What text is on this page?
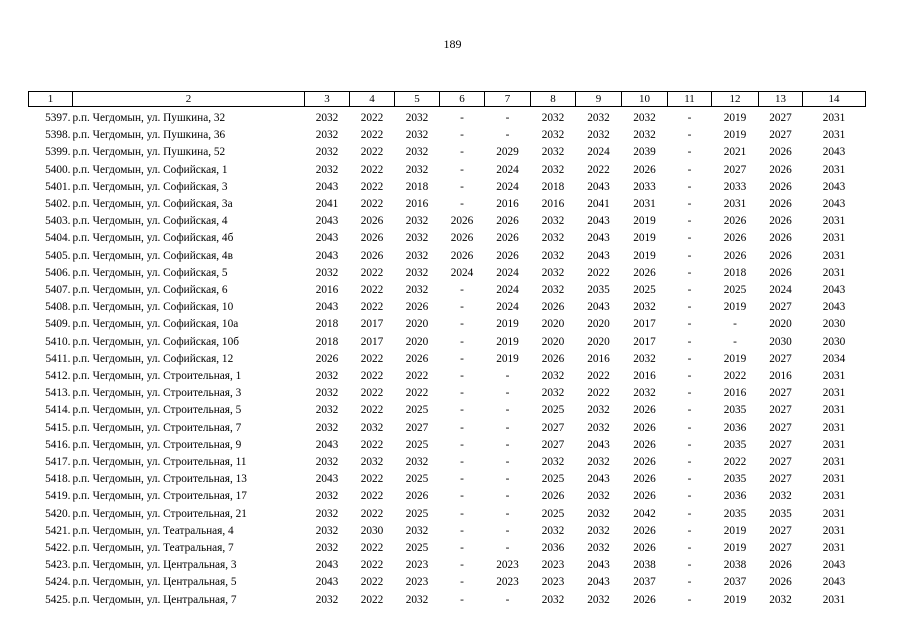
189
1	2	3	4	5	6	7	8	9	10	11	12	13	14
5397.	р.п. Чегдомын, ул. Пушкина, 32	2032	2022	2032	-	-	2032	2032	2032	-	2019	2027	2031
5398.	р.п. Чегдомын, ул. Пушкина, 36	2032	2022	2032	-	-	2032	2032	2032	-	2019	2027	2031
5399.	р.п. Чегдомын, ул. Пушкина, 52	2032	2022	2032	-	2029	2032	2024	2039	-	2021	2026	2043
5400.	р.п. Чегдомын, ул. Софийская, 1	2032	2022	2032	-	2024	2032	2022	2026	-	2027	2026	2031
5401.	р.п. Чегдомын, ул. Софийская, 3	2043	2022	2018	-	2024	2018	2043	2033	-	2033	2026	2043
5402.	р.п. Чегдомын, ул. Софийская, 3а	2041	2022	2016	-	2016	2016	2041	2031	-	2031	2026	2043
5403.	р.п. Чегдомын, ул. Софийская, 4	2043	2026	2032	2026	2026	2032	2043	2019	-	2026	2026	2031
5404.	р.п. Чегдомын, ул. Софийская, 4б	2043	2026	2032	2026	2026	2032	2043	2019	-	2026	2026	2031
5405.	р.п. Чегдомын, ул. Софийская, 4в	2043	2026	2032	2026	2026	2032	2043	2019	-	2026	2026	2031
5406.	р.п. Чегдомын, ул. Софийская, 5	2032	2022	2032	2024	2024	2032	2022	2026	-	2018	2026	2031
5407.	р.п. Чегдомын, ул. Софийская, 6	2016	2022	2032	-	2024	2032	2035	2025	-	2025	2024	2043
5408.	р.п. Чегдомын, ул. Софийская, 10	2043	2022	2026	-	2024	2026	2043	2032	-	2019	2027	2043
5409.	р.п. Чегдомын, ул. Софийская, 10а	2018	2017	2020	-	2019	2020	2020	2017	-	-	2020	2030
5410.	р.п. Чегдомын, ул. Софийская, 10б	2018	2017	2020	-	2019	2020	2020	2017	-	-	2030	2030
5411.	р.п. Чегдомын, ул. Софийская, 12	2026	2022	2026	-	2019	2026	2016	2032	-	2019	2027	2034
5412.	р.п. Чегдомын, ул. Строительная, 1	2032	2022	2022	-	-	2032	2022	2016	-	2022	2016	2031
5413.	р.п. Чегдомын, ул. Строительная, 3	2032	2022	2022	-	-	2032	2022	2032	-	2016	2027	2031
5414.	р.п. Чегдомын, ул. Строительная, 5	2032	2022	2025	-	-	2025	2032	2026	-	2035	2027	2031
5415.	р.п. Чегдомын, ул. Строительная, 7	2032	2032	2027	-	-	2027	2032	2026	-	2036	2027	2031
5416.	р.п. Чегдомын, ул. Строительная, 9	2043	2022	2025	-	-	2027	2043	2026	-	2035	2027	2031
5417.	р.п. Чегдомын, ул. Строительная, 11	2032	2032	2032	-	-	2032	2032	2026	-	2022	2027	2031
5418.	р.п. Чегдомын, ул. Строительная, 13	2043	2022	2025	-	-	2025	2043	2026	-	2035	2027	2031
5419.	р.п. Чегдомын, ул. Строительная, 17	2032	2022	2026	-	-	2026	2032	2026	-	2036	2032	2031
5420.	р.п. Чегдомын, ул. Строительная, 21	2032	2022	2025	-	-	2025	2032	2042	-	2035	2035	2031
5421.	р.п. Чегдомын, ул. Театральная, 4	2032	2030	2032	-	-	2032	2032	2026	-	2019	2027	2031
5422.	р.п. Чегдомын, ул. Театральная, 7	2032	2022	2025	-	-	2036	2032	2026	-	2019	2027	2031
5423.	р.п. Чегдомын, ул. Центральная, 3	2043	2022	2023	-	2023	2023	2043	2038	-	2038	2026	2043
5424.	р.п. Чегдомын, ул. Центральная, 5	2043	2022	2023	-	2023	2023	2043	2037	-	2037	2026	2043
5425.	р.п. Чегдомын, ул. Центральная, 7	2032	2022	2032	-	-	2032	2032	2026	-	2019	2032	2031
